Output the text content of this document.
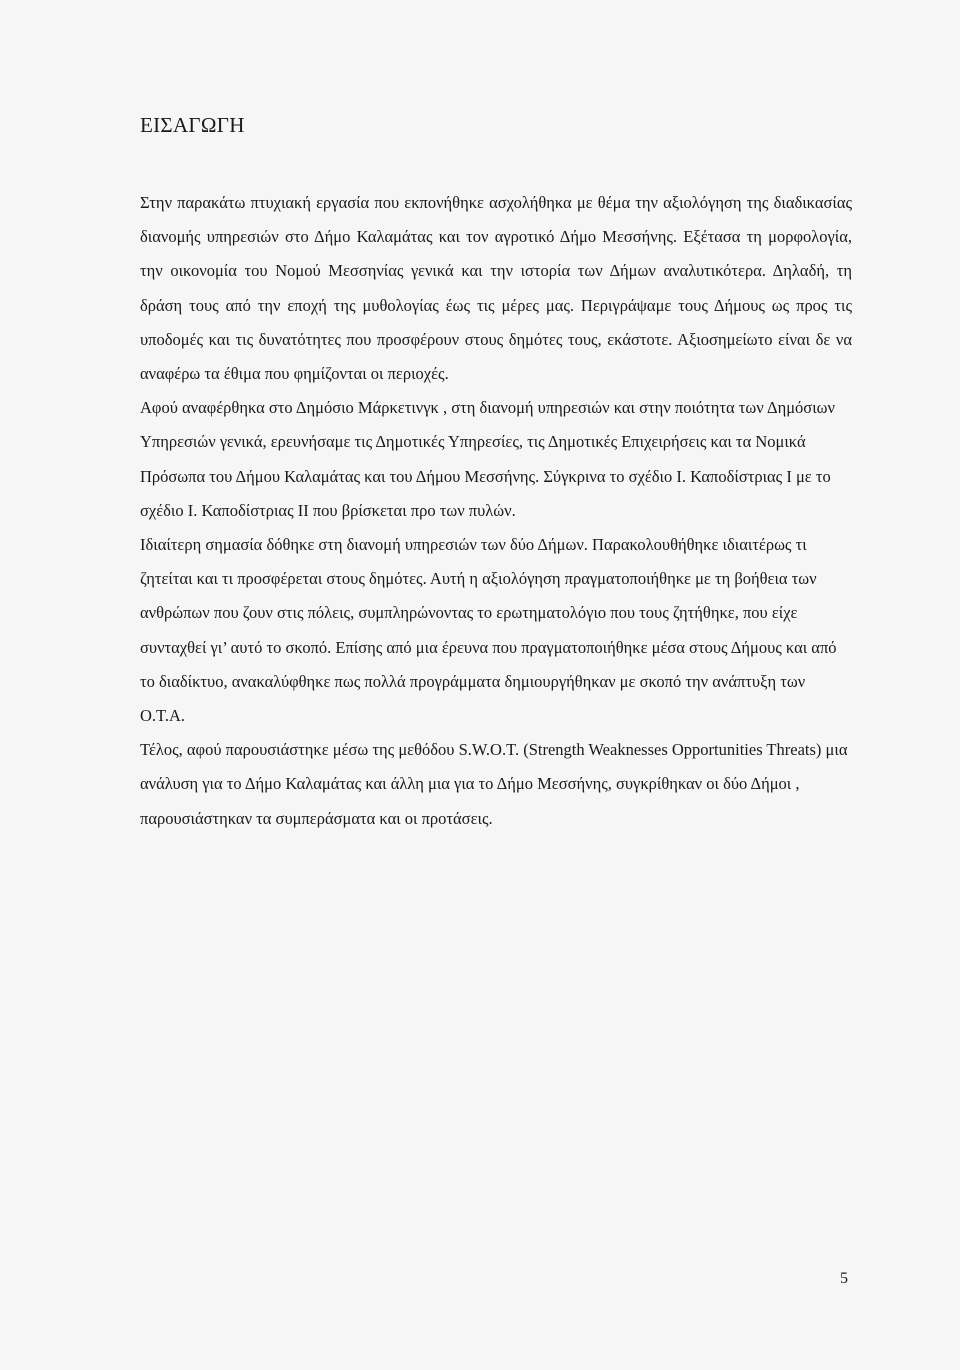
ΕΙΣΑΓΩΓΗ

Στην παρακάτω πτυχιακή εργασία που εκπονήθηκε ασχολήθηκα με θέμα την αξιολόγηση της διαδικασίας διανομής υπηρεσιών στο Δήμο Καλαμάτας και τον αγροτικό Δήμο Μεσσήνης. Εξέτασα τη μορφολογία, την οικονομία του Νομού Μεσσηνίας γενικά και την ιστορία των Δήμων αναλυτικότερα. Δηλαδή, τη δράση τους από την εποχή της μυθολογίας έως τις μέρες μας. Περιγράψαμε τους Δήμους ως προς τις υποδομές και τις δυνατότητες που προσφέρουν στους δημότες τους, εκάστοτε. Αξιοσημείωτο είναι δε να αναφέρω τα έθιμα που φημίζονται οι περιοχές.

Αφού αναφέρθηκα στο Δημόσιο Μάρκετινγκ , στη διανομή υπηρεσιών και στην ποιότητα των Δημόσιων Υπηρεσιών γενικά, ερευνήσαμε τις Δημοτικές Υπηρεσίες, τις Δημοτικές Επιχειρήσεις και τα Νομικά Πρόσωπα του Δήμου Καλαμάτας και του Δήμου Μεσσήνης. Σύγκρινα το σχέδιο Ι. Καποδίστριας Ι με το σχέδιο Ι. Καποδίστριας ΙΙ που βρίσκεται προ των πυλών.

Ιδιαίτερη σημασία δόθηκε στη διανομή υπηρεσιών των δύο Δήμων. Παρακολουθήθηκε ιδιαιτέρως τι ζητείται και τι προσφέρεται στους δημότες. Αυτή η αξιολόγηση πραγματοποιήθηκε με τη βοήθεια των ανθρώπων που ζουν στις πόλεις, συμπληρώνοντας το ερωτηματολόγιο που τους ζητήθηκε, που είχε συνταχθεί γι’ αυτό το σκοπό. Επίσης από μια έρευνα που πραγματοποιήθηκε μέσα στους Δήμους και από το διαδίκτυο, ανακαλύφθηκε πως πολλά προγράμματα δημιουργήθηκαν με σκοπό την ανάπτυξη των Ο.Τ.Α.

Τέλος, αφού παρουσιάστηκε μέσω της μεθόδου S.W.O.T. (Strength Weaknesses Opportunities Threats) μια ανάλυση για το Δήμο Καλαμάτας και άλλη μια για το Δήμο Μεσσήνης, συγκρίθηκαν οι δύο Δήμοι , παρουσιάστηκαν τα συμπεράσματα και οι προτάσεις.

5
